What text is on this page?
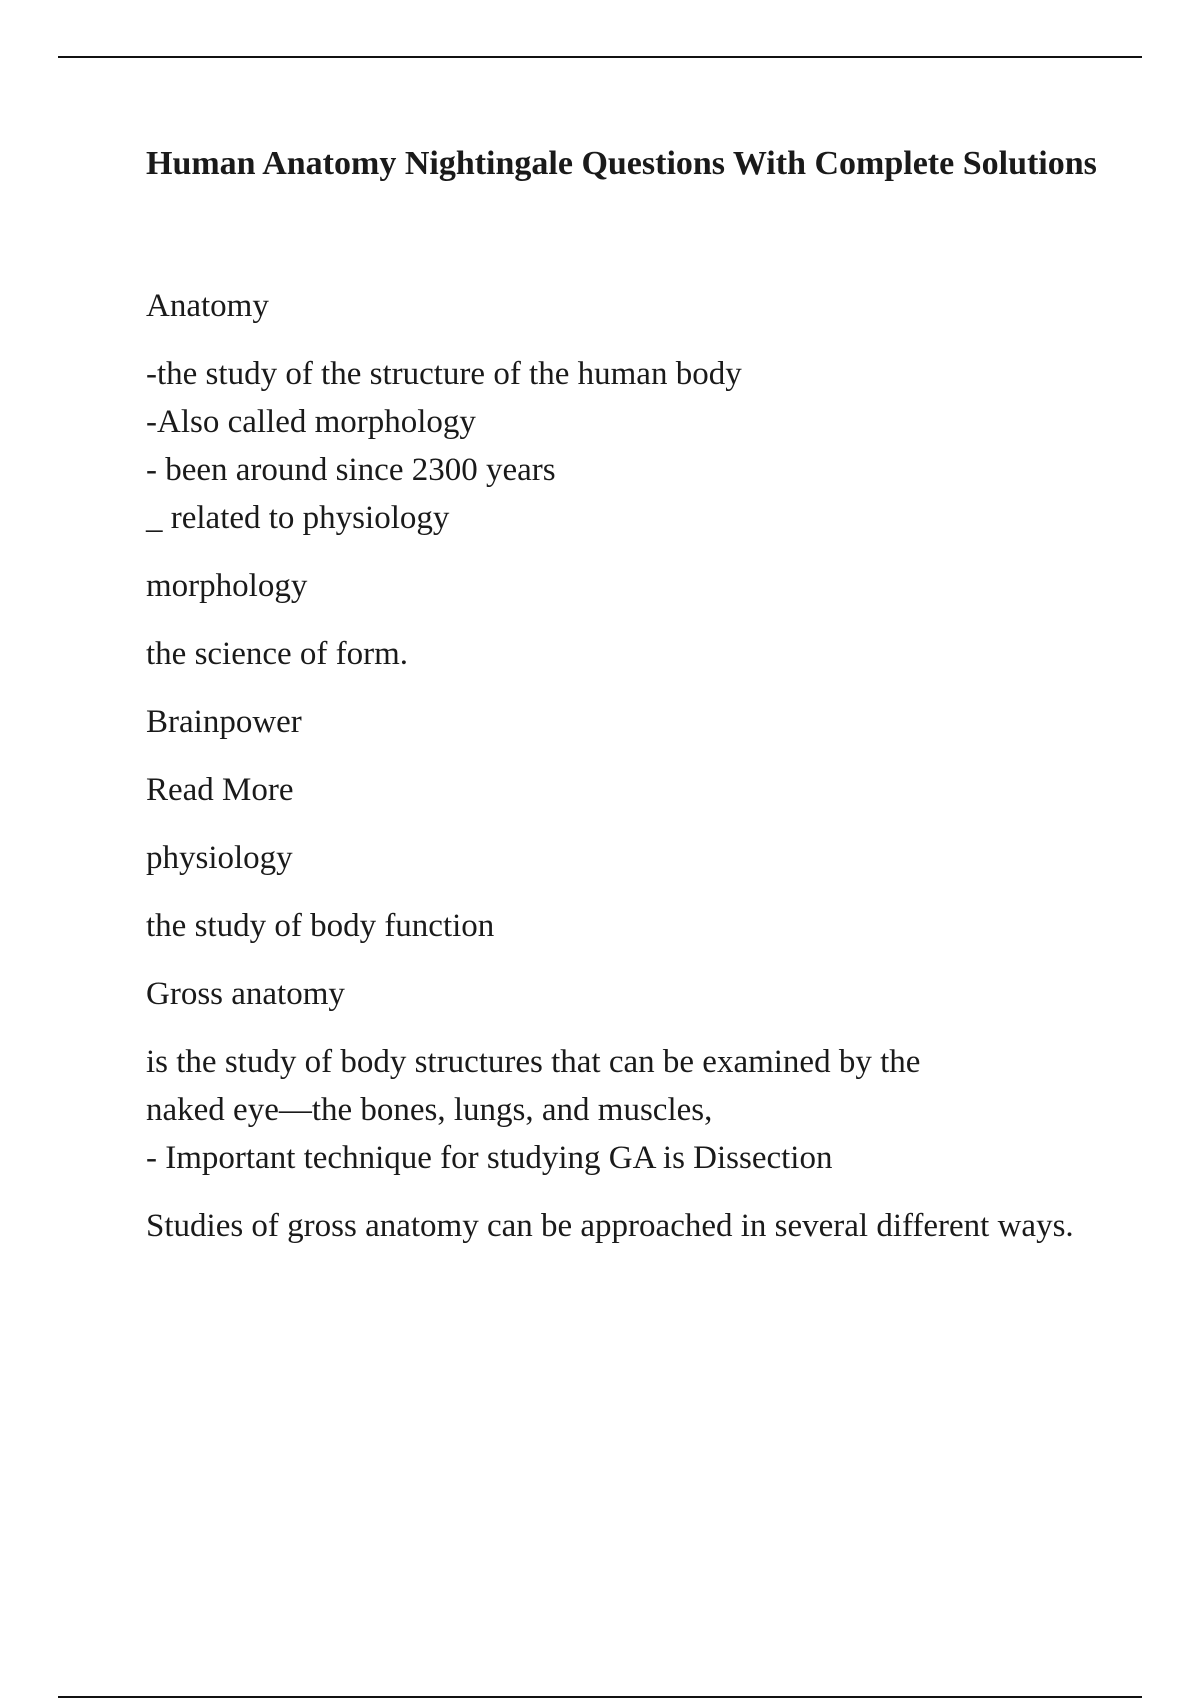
Human Anatomy Nightingale Questions With Complete Solutions

Anatomy

-the study of the structure of the human body
-Also called morphology
- been around since 2300 years
_ related to physiology

morphology

the science of form.

Brainpower

Read More

physiology

the study of body function

Gross anatomy

is the study of body structures that can be examined by the
naked eye—the bones, lungs, and muscles,
- Important technique for studying GA is Dissection

Studies of gross anatomy can be approached in several different ways.
